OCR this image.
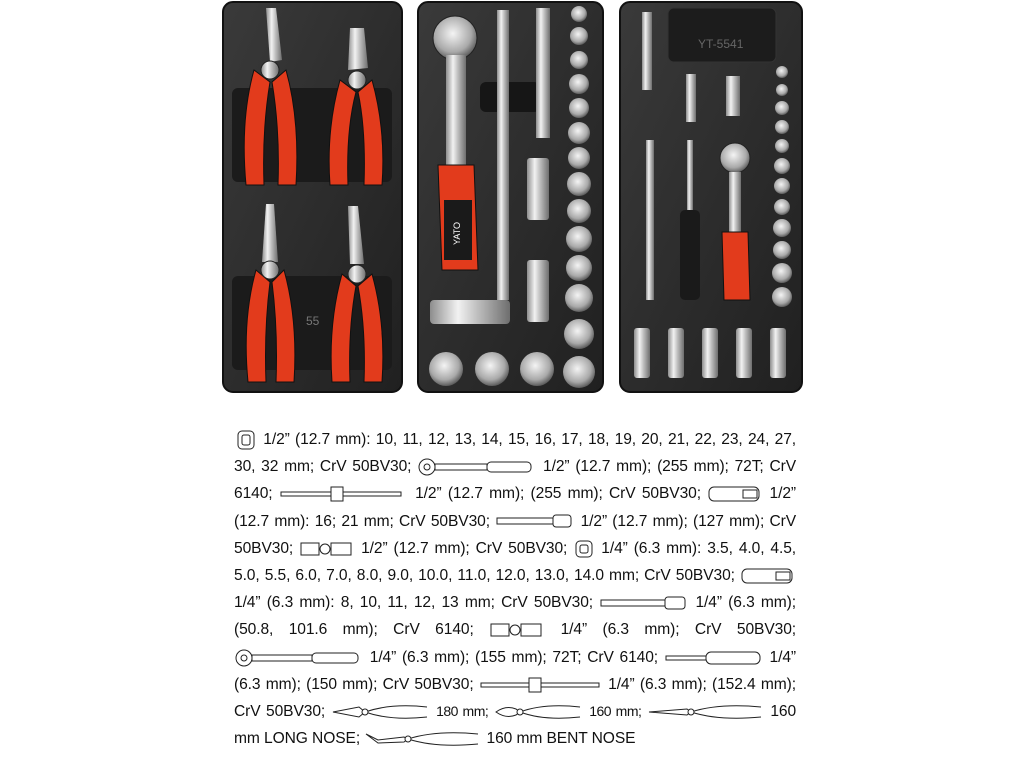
55
YATO
YT-5541
1/2” (12.7 mm): 10, 11, 12, 13, 14, 15, 16, 17, 18, 19, 20, 21, 22, 23, 24, 27, 30, 32 mm; CrV 50BV30;	1/2” (12.7 mm); (255 mm); 72T; CrV 6140;	1/2” (12.7 mm); (255 mm); CrV 50BV30;	1/2” (12.7 mm): 16; 21 mm; CrV 50BV30;	1/2” (12.7 mm); (127 mm); CrV 50BV30;	1/2” (12.7 mm); CrV 50BV30; 1/4” (6.3 mm): 3.5, 4.0, 4.5, 5.0, 5.5, 6.0, 7.0, 8.0, 9.0, 10.0, 11.0, 12.0, 13.0, 14.0 mm; CrV 50BV30;
1/4” (6.3 mm): 8, 10, 11, 12, 13 mm; CrV 50BV30;	1/4” (6.3 mm); (50.8, 101.6 mm); CrV 6140;	1/4” (6.3 mm); CrV 50BV30;
1/4” (6.3 mm); (155 mm); 72T; CrV 6140;	1/4” (6.3 mm); (150 mm); CrV 50BV30;	1/4” (6.3 mm); (152.4 mm); CrV 50BV30;	180 mm;	160 mm;	160 mm LONG NOSE;	160 mm BENT NOSE
